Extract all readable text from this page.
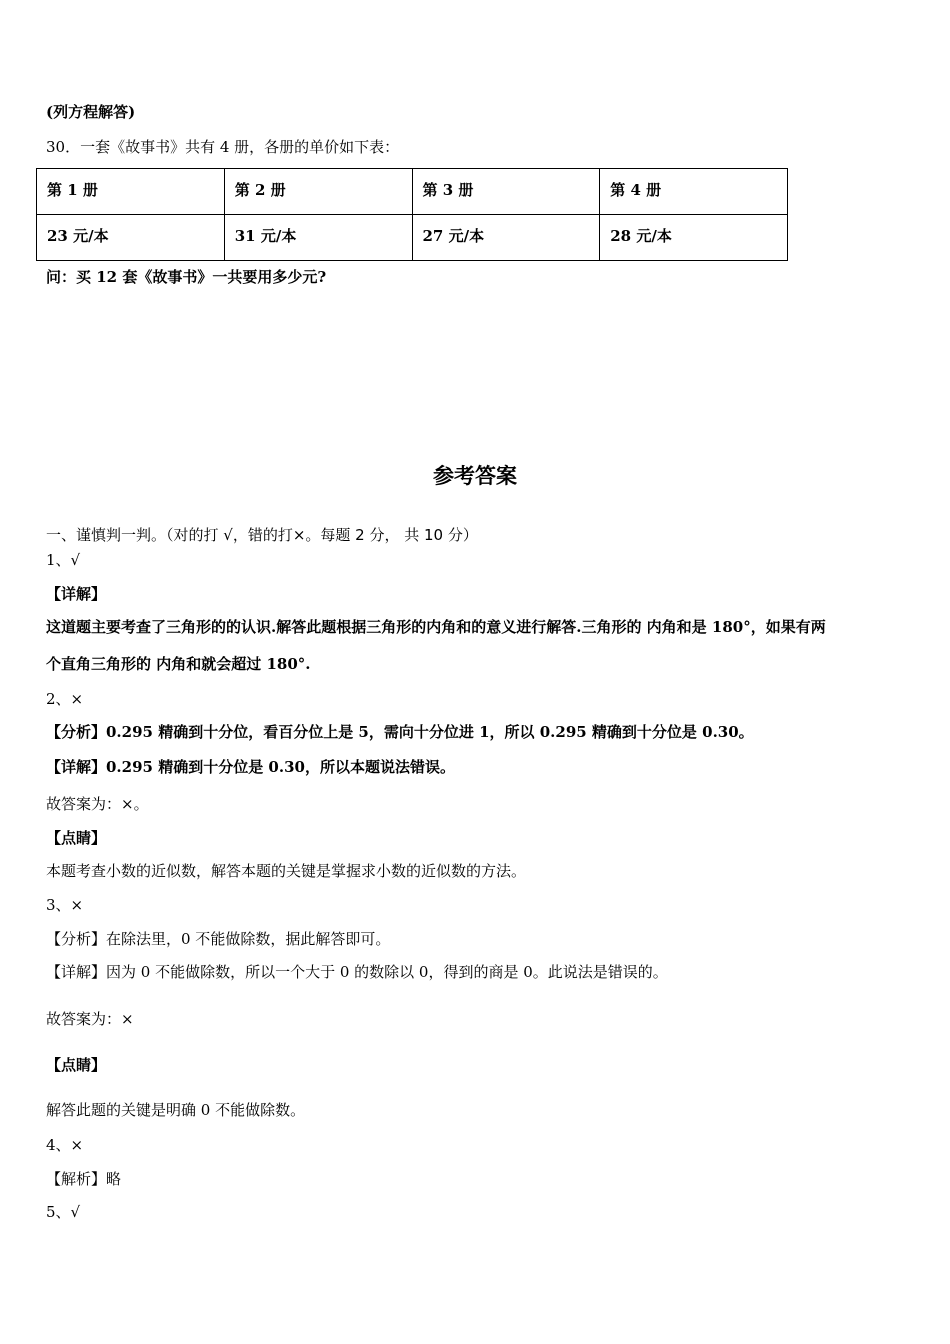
(列方程解答)
30．一套《故事书》共有 4 册，各册的单价如下表：
第 1 册	第 2 册	第 3 册	第 4 册

23 元/本	31 元/本	27 元/本	28 元/本
问：买 12 套《故事书》一共要用多少元?
参考答案
一、谨慎判一判。（对的打 √，错的打×。每题 2 分， 共 10 分）
1、√
【详解】
这道题主要考查了三角形的的认识.解答此题根据三角形的内角和的意义进行解答.三角形的 内角和是 180°，如果有两
个直角三角形的 内角和就会超过 180°.
2、×
【分析】0.295 精确到十分位，看百分位上是 5，需向十分位进 1，所以 0.295 精确到十分位是 0.30。
【详解】0.295 精确到十分位是 0.30，所以本题说法错误。
故答案为：×。
【点睛】
本题考查小数的近似数，解答本题的关键是掌握求小数的近似数的方法。
3、×
【分析】在除法里，0 不能做除数，据此解答即可。
【详解】因为 0 不能做除数，所以一个大于 0 的数除以 0，得到的商是 0。此说法是错误的。
故答案为：×
【点睛】
解答此题的关键是明确 0 不能做除数。
4、×
【解析】略
5、√
